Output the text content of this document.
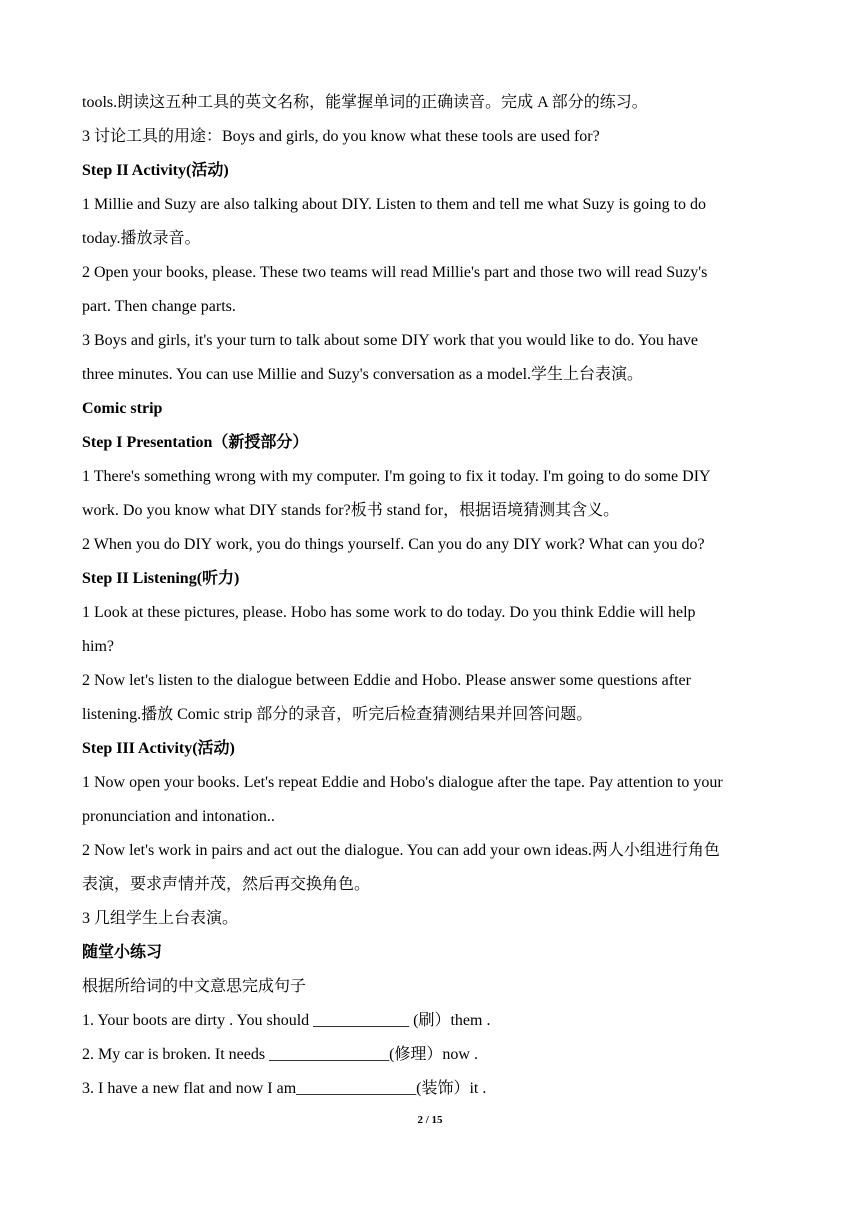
tools.朗读这五种工具的英文名称，能掌握单词的正确读音。完成 A 部分的练习。
3 讨论工具的用途：Boys and girls, do you know what these tools are used for?
Step II Activity(活动)
1 Millie and Suzy are also talking about DIY. Listen to them and tell me what Suzy is going to do
today.播放录音。
2 Open your books, please. These two teams will read Millie's part and those two will read Suzy's
part. Then change parts.
3 Boys and girls, it's your turn to talk about some DIY work that you would like to do. You have
three minutes. You can use Millie and Suzy's conversation as a model.学生上台表演。
Comic strip
Step I Presentation（新授部分）
1 There's something wrong with my computer. I'm going to fix it today. I'm going to do some DIY
work. Do you know what DIY stands for?板书 stand for，根据语境猜测其含义。
2 When you do DIY work, you do things yourself. Can you do any DIY work? What can you do?
Step II Listening(听力)
1 Look at these pictures, please. Hobo has some work to do today. Do you think Eddie will help
him?
2 Now let's listen to the dialogue between Eddie and Hobo. Please answer some questions after
listening.播放 Comic strip 部分的录音，听完后检查猜测结果并回答问题。
Step III Activity(活动)
1 Now open your books. Let's repeat Eddie and Hobo's dialogue after the tape. Pay attention to your
pronunciation and intonation..
2 Now let's work in pairs and act out the dialogue. You can add your own ideas.两人小组进行角色
表演，要求声情并茂，然后再交换角色。
3 几组学生上台表演。
随堂小练习
根据所给词的中文意思完成句子
1. Your boots are dirty . You should ____________ (刷）them .
2. My car is broken. It needs _______________(修理）now .
3. I have a new flat and now I am_______________(装饰）it .
2 / 15
